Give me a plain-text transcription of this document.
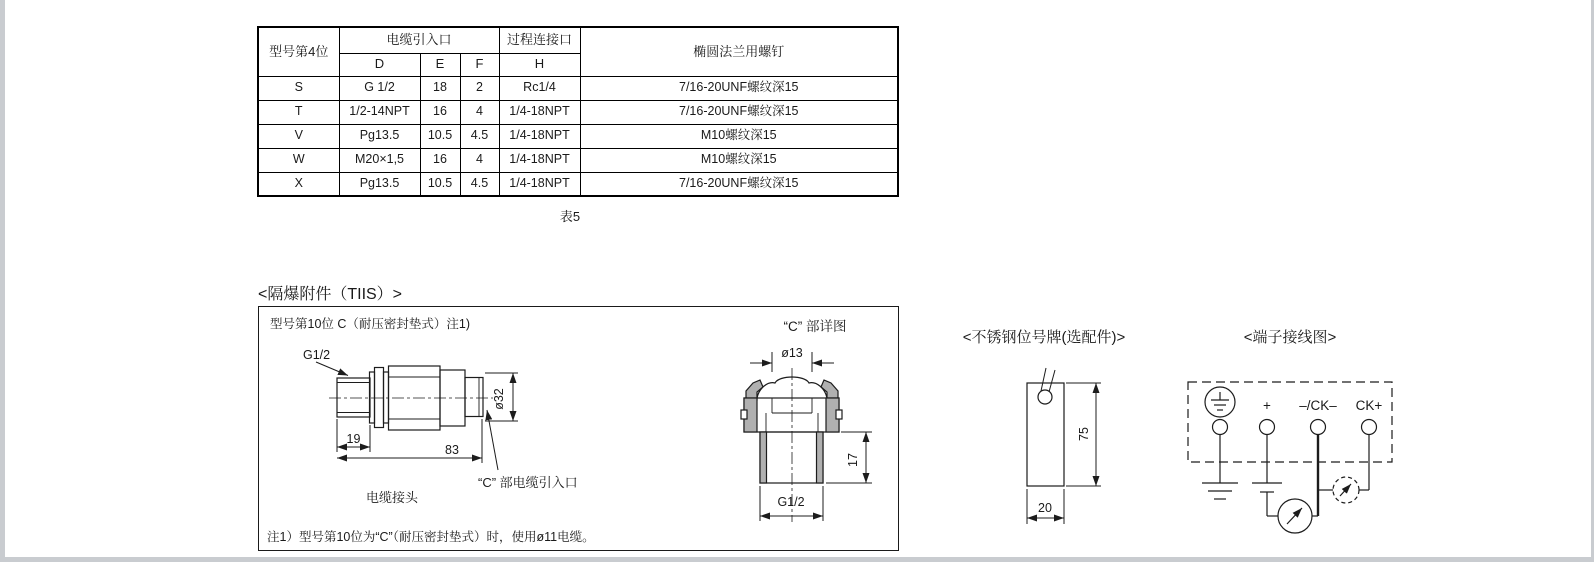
型号第4位	电缆引入口			过程连接口	椭圆法兰用螺钉
	D	E	F	H	
S	G 1/2	18	2	Rc1/4	7/16-20UNF螺纹深15
T	1/2-14NPT	16	4	1/4-18NPT	7/16-20UNF螺纹深15
V	Pg13.5	10.5	4.5	1/4-18NPT	M10螺纹深15
W	M20×1,5	16	4	1/4-18NPT	M10螺纹深15
X	Pg13.5	10.5	4.5	1/4-18NPT	7/16-20UNF螺纹深15
表5
<隔爆附件（TIIS）>
型号第10位 C（耐压密封垫式）注1)
注1）型号第10位为“C”（耐压密封垫式）时，使用ø11电缆。
<不锈钢位号牌(选配件)>	<端子接线图>
G1/2
19
83
ø32
电缆接头
“C” 部电缆引入口
“C” 部详图
ø13
17
G1/2
75
20
+ –/CK– CK+
